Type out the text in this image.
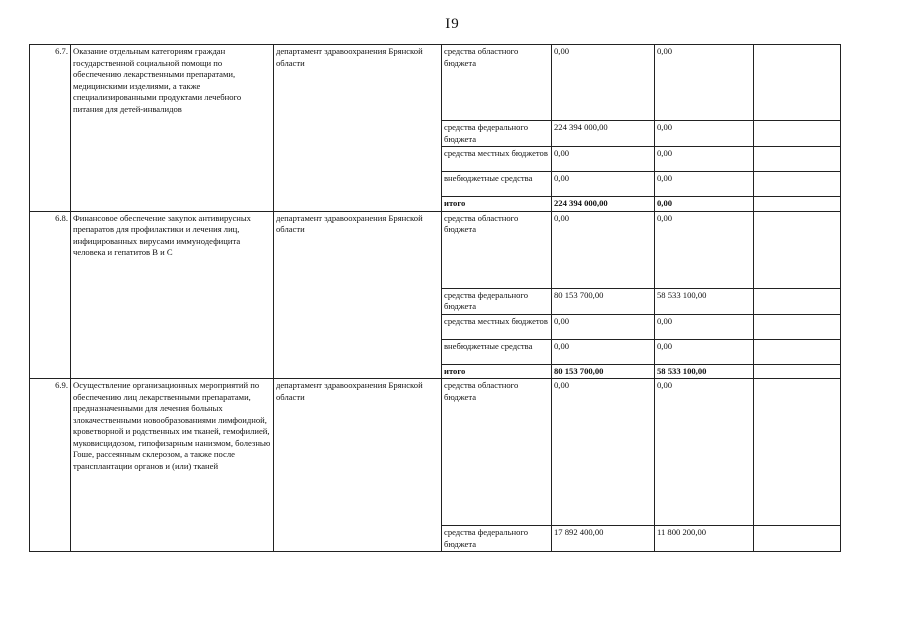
I9
6.7.	Оказание отдельным категориям граждан государственной социальной помощи по обеспечению лекарственными препаратами, медицинскими изделиями, а также специализированными продуктами лечебного питания для детей-инвалидов	департамент здравоохранения Брянской области	средства областного бюджета	0,00	0,00	
			средства федерального бюджета	224 394 000,00	0,00	
			средства местных бюджетов	0,00	0,00	
			внебюджетные средства	0,00	0,00	
			итого	224 394 000,00	0,00	
6.8.	Финансовое обеспечение закупок антивирусных препаратов для профилактики и лечения лиц, инфицированных вирусами иммунодефицита человека и гепатитов B и C	департамент здравоохранения Брянской области	средства областного бюджета	0,00	0,00	
			средства федерального бюджета	80 153 700,00	58 533 100,00	
			средства местных бюджетов	0,00	0,00	
			внебюджетные средства	0,00	0,00	
			итого	80 153 700,00	58 533 100,00	
6.9.	Осуществление организационных мероприятий по обеспечению лиц лекарственными препаратами, предназначенными для лечения больных злокачественными новообразованиями лимфоидной, кроветворной и родственных им тканей, гемофилией, муковисцидозом, гипофизарным нанизмом, болезнью Гоше, рассеянным склерозом, а также после трансплантации органов и (или) тканей	департамент здравоохранения Брянской области	средства областного бюджета	0,00	0,00	
			средства федерального бюджета	17 892 400,00	11 800 200,00	
